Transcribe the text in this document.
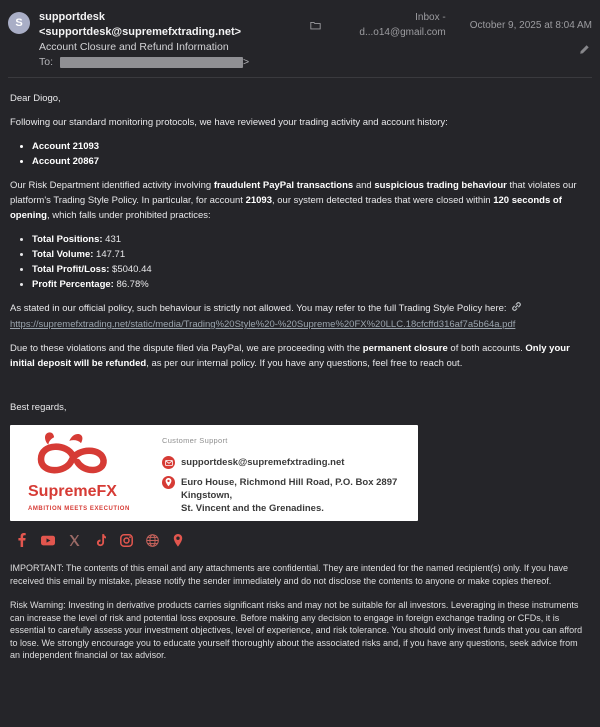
S	supportdesk <supportdesk@supremefxtrading.net>
Account Closure and Refund Information
To:	>
Inbox - d...o14@gmail.com
October 9, 2025 at 8:04 AM

Dear Diogo,

Following our standard monitoring protocols, we have reviewed your trading activity and account history:

• Account 21093
• Account 20867

Our Risk Department identified activity involving fraudulent PayPal transactions and suspicious trading behaviour that violates our platform's Trading Style Policy. In particular, for account 21093, our system detected trades that were closed within 120 seconds of opening, which falls under prohibited practices:

• Total Positions: 431
• Total Volume: 147.71
• Total Profit/Loss: $5040.44
• Profit Percentage: 86.78%

As stated in our official policy, such behaviour is strictly not allowed. You may refer to the full Trading Style Policy here:
https://supremefxtrading.net/static/media/Trading%20Style%20-%20Supreme%20FX%20LLC.18cfcffd316af7a5b64a.pdf

Due to these violations and the dispute filed via PayPal, we are proceeding with the permanent closure of both accounts. Only your initial deposit will be refunded, as per our internal policy. If you have any questions, feel free to reach out.

Best regards,

SupremeFX
AMBITION MEETS EXECUTION
Customer Support
supportdesk@supremefxtrading.net
Euro House, Richmond Hill Road, P.O. Box 2897 Kingstown,
St. Vincent and the Grenadines.

IMPORTANT: The contents of this email and any attachments are confidential. They are intended for the named recipient(s) only. If you have received this email by mistake, please notify the sender immediately and do not disclose the contents to anyone or make copies thereof.

Risk Warning: Investing in derivative products carries significant risks and may not be suitable for all investors. Leveraging in these instruments can increase the level of risk and potential loss exposure. Before making any decision to engage in foreign exchange trading or CFDs, it is essential to carefully assess your investment objectives, level of experience, and risk tolerance. You should only invest funds that you can afford to lose. We strongly encourage you to educate yourself thoroughly about the associated risks and, if you have any questions, seek advice from an independent financial or tax advisor.
